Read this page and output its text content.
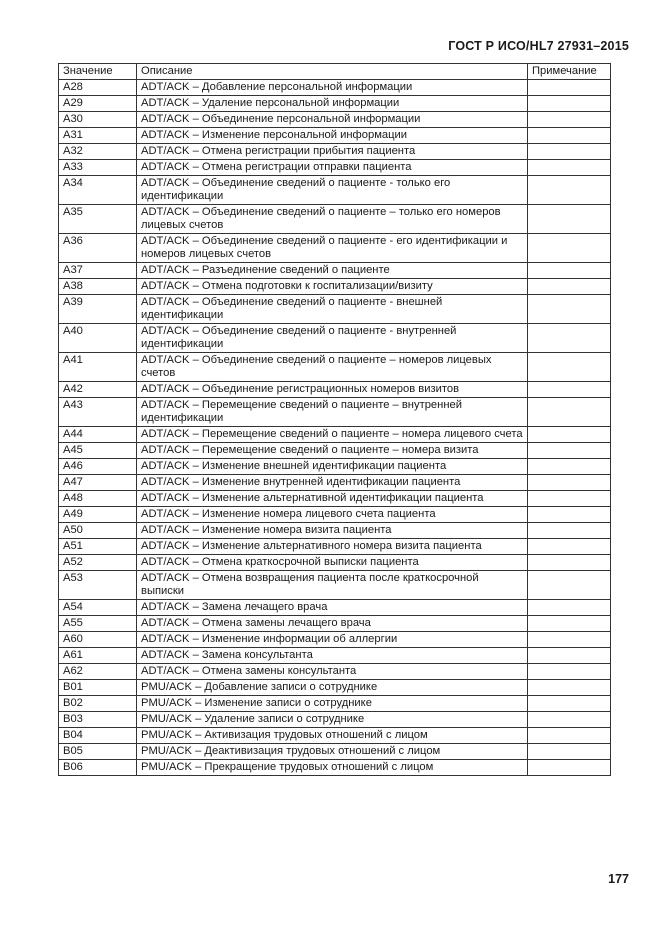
ГОСТ Р ИСО/HL7 27931–2015
Значение	Описание	Примечание
A28	ADT/ACK – Добавление персональной информации	
A29	ADT/ACK – Удаление персональной информации	
A30	ADT/ACK – Объединение персональной информации	
A31	ADT/ACK – Изменение персональной информации	
A32	ADT/ACK – Отмена регистрации прибытия пациента	
A33	ADT/ACK – Отмена регистрации отправки пациента	
A34	ADT/ACK – Объединение сведений о пациенте - только его идентификации	
A35	ADT/ACK – Объединение сведений о пациенте – только его номеров лицевых счетов	
A36	ADT/ACK – Объединение сведений о пациенте - его идентификации и номеров лицевых счетов	
A37	ADT/ACK – Разъединение сведений о пациенте	
A38	ADT/ACK – Отмена подготовки к госпитализации/визиту	
A39	ADT/ACK – Объединение сведений о пациенте - внешней идентификации	
A40	ADT/ACK – Объединение сведений о пациенте - внутренней идентификации	
A41	ADT/ACK – Объединение сведений о пациенте – номеров лицевых счетов	
A42	ADT/ACK – Объединение регистрационных номеров визитов	
A43	ADT/ACK – Перемещение сведений о пациенте – внутренней идентификации	
A44	ADT/ACK – Перемещение сведений о пациенте – номера лицевого счета	
A45	ADT/ACK – Перемещение сведений о пациенте – номера визита	
A46	ADT/ACK – Изменение внешней идентификации пациента	
A47	ADT/ACK – Изменение внутренней идентификации пациента	
A48	ADT/ACK – Изменение альтернативной идентификации пациента	
A49	ADT/ACK – Изменение номера лицевого счета пациента	
A50	ADT/ACK – Изменение номера визита пациента	
A51	ADT/ACK – Изменение альтернативного номера визита пациента	
A52	ADT/ACK – Отмена краткосрочной выписки пациента	
A53	ADT/ACK – Отмена возвращения пациента после краткосрочной выписки	
A54	ADT/ACK – Замена лечащего врача	
A55	ADT/ACK – Отмена замены лечащего врача	
A60	ADT/ACK – Изменение информации об аллергии	
A61	ADT/ACK – Замена консультанта	
A62	ADT/ACK – Отмена замены консультанта	
B01	PMU/ACK – Добавление записи о сотруднике	
B02	PMU/ACK – Изменение записи о сотруднике	
B03	PMU/ACK – Удаление записи о сотруднике	
B04	PMU/ACK – Активизация трудовых отношений с лицом	
B05	PMU/ACK – Деактивизация трудовых отношений с лицом	
B06	PMU/ACK – Прекращение трудовых отношений с лицом	
177
